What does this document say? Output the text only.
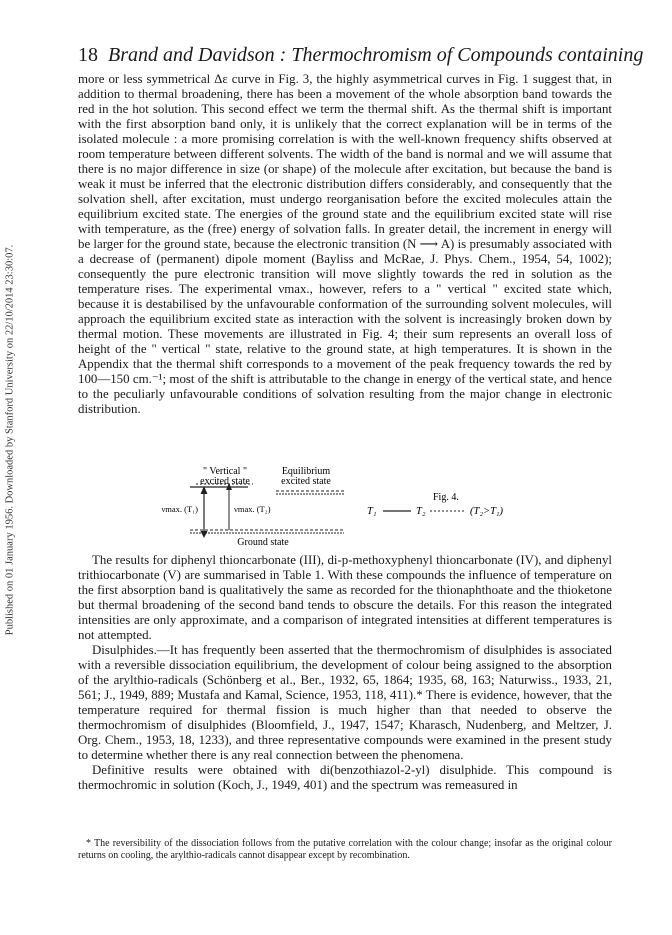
Published on 01 January 1956. Downloaded by Stanford University on 22/10/2014 23:30:07.
18 Brand and Davidson : Thermochromism of Compounds containing

more or less symmetrical Δε curve in Fig. 3, the highly asymmetrical curves in Fig. 1 suggest that, in addition to thermal broadening, there has been a movement of the whole absorption band towards the red in the hot solution. This second effect we term the thermal shift. As the thermal shift is important with the first absorption band only, it is unlikely that the correct explanation will be in terms of the isolated molecule : a more promising correlation is with the well-known frequency shifts observed at room temperature between different solvents. The width of the band is normal and we will assume that there is no major difference in size (or shape) of the molecule after excitation, but because the band is weak it must be inferred that the electronic distribution differs considerably, and consequently that the solvation shell, after excitation, must undergo reorganisation before the excited molecules attain the equilibrium excited state. The energies of the ground state and the equilibrium excited state will rise with temperature, as the (free) energy of solvation falls. In greater detail, the increment in energy will be larger for the ground state, because the electronic transition (N ⟶ A) is presumably associated with a decrease of (permanent) dipole moment (Bayliss and McRae, J. Phys. Chem., 1954, 54, 1002); consequently the pure electronic transition will move slightly towards the red in solution as the temperature rises. The experimental νmax., however, refers to a " vertical " excited state which, because it is destabilised by the unfavourable conformation of the surrounding solvent molecules, will approach the equilibrium excited state as interaction with the solvent is increasingly broken down by thermal motion. These movements are illustrated in Fig. 4; their sum represents an overall loss of height of the " vertical " state, relative to the ground state, at high temperatures. It is shown in the Appendix that the thermal shift corresponds to a movement of the peak frequency towards the red by 100—150 cm.⁻¹; most of the shift is attributable to the change in energy of the vertical state, and hence to the peculiarly unfavourable conditions of solvation resulting from the major change in electronic distribution.

" Vertical "
excited state
Equilibrium
excited state
Ground state
νmax. (T₁)	νmax. (T₂)
Fig. 4.
T₁	T₂	(T₂>T₁)

The results for diphenyl thioncarbonate (III), di-p-methoxyphenyl thioncarbonate (IV), and diphenyl trithiocarbonate (V) are summarised in Table 1. With these compounds the influence of temperature on the first absorption band is qualitatively the same as recorded for the thionaphthoate and the thioketone but thermal broadening of the second band tends to obscure the details. For this reason the integrated intensities are only approximate, and a comparison of integrated intensities at different temperatures is not attempted.

Disulphides.—It has frequently been asserted that the thermochromism of disulphides is associated with a reversible dissociation equilibrium, the development of colour being assigned to the absorption of the arylthio-radicals (Schönberg et al., Ber., 1932, 65, 1864; 1935, 68, 163; Naturwiss., 1933, 21, 561; J., 1949, 889; Mustafa and Kamal, Science, 1953, 118, 411).* There is evidence, however, that the temperature required for thermal fission is much higher than that needed to observe the thermochromism of disulphides (Bloomfield, J., 1947, 1547; Kharasch, Nudenberg, and Meltzer, J. Org. Chem., 1953, 18, 1233), and three representative compounds were examined in the present study to determine whether there is any real connection between the phenomena.

Definitive results were obtained with di(benzothiazol-2-yl) disulphide. This compound is thermochromic in solution (Koch, J., 1949, 401) and the spectrum was remeasured in

* The reversibility of the dissociation follows from the putative correlation with the colour change; insofar as the original colour returns on cooling, the arylthio-radicals cannot disappear except by recombination.
